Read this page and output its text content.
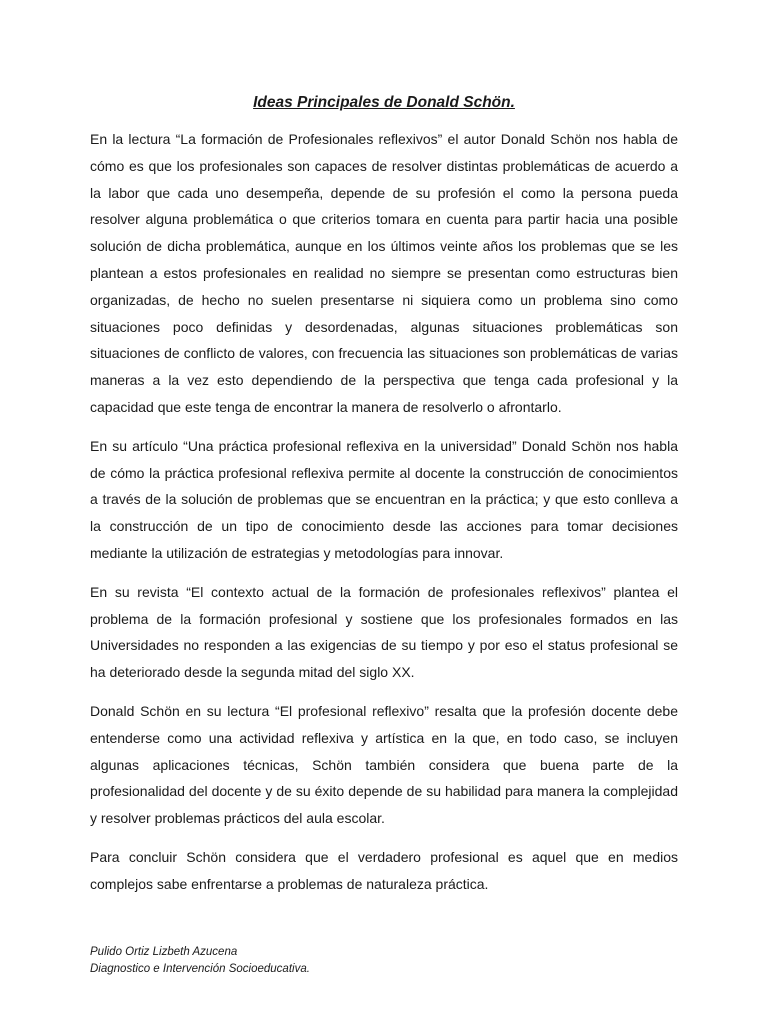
Ideas Principales de Donald Schön.

En la lectura “La formación de Profesionales reflexivos” el autor Donald Schön nos habla de cómo es que los profesionales son capaces de resolver distintas problemáticas de acuerdo a la labor que cada uno desempeña, depende de su profesión el como la persona pueda resolver alguna problemática o que criterios tomara en cuenta para partir hacia una posible solución de dicha problemática, aunque en los últimos veinte años los problemas que se les plantean a estos profesionales en realidad no siempre se presentan como estructuras bien organizadas, de hecho no suelen presentarse ni siquiera como un problema sino como situaciones poco definidas y desordenadas, algunas situaciones problemáticas son situaciones de conflicto de valores, con frecuencia las situaciones son problemáticas de varias maneras a la vez esto dependiendo de la perspectiva que tenga cada profesional y la capacidad que este tenga de encontrar la manera de resolverlo o afrontarlo.

En su artículo “Una práctica profesional reflexiva en la universidad” Donald Schön nos habla de cómo la práctica profesional reflexiva permite al docente la construcción de conocimientos a través de la solución de problemas que se encuentran en la práctica; y que esto conlleva a la construcción de un tipo de conocimiento desde las acciones para tomar decisiones mediante la utilización de estrategias y metodologías para innovar.

En su revista “El contexto actual de la formación de profesionales reflexivos” plantea el problema de la formación profesional y sostiene que los profesionales formados en las Universidades no responden a las exigencias de su tiempo y por eso el status profesional se ha deteriorado desde la segunda mitad del siglo XX.

Donald Schön en su lectura “El profesional reflexivo” resalta que la profesión docente debe entenderse como una actividad reflexiva y artística en la que, en todo caso, se incluyen algunas aplicaciones técnicas, Schön también considera que buena parte de la profesionalidad del docente y de su éxito depende de su habilidad para manera la complejidad y resolver problemas prácticos del aula escolar.

Para concluir Schön considera que el verdadero profesional es aquel que en medios complejos sabe enfrentarse a problemas de naturaleza práctica.

Pulido Ortiz Lizbeth Azucena
Diagnostico e Intervención Socioeducativa.
